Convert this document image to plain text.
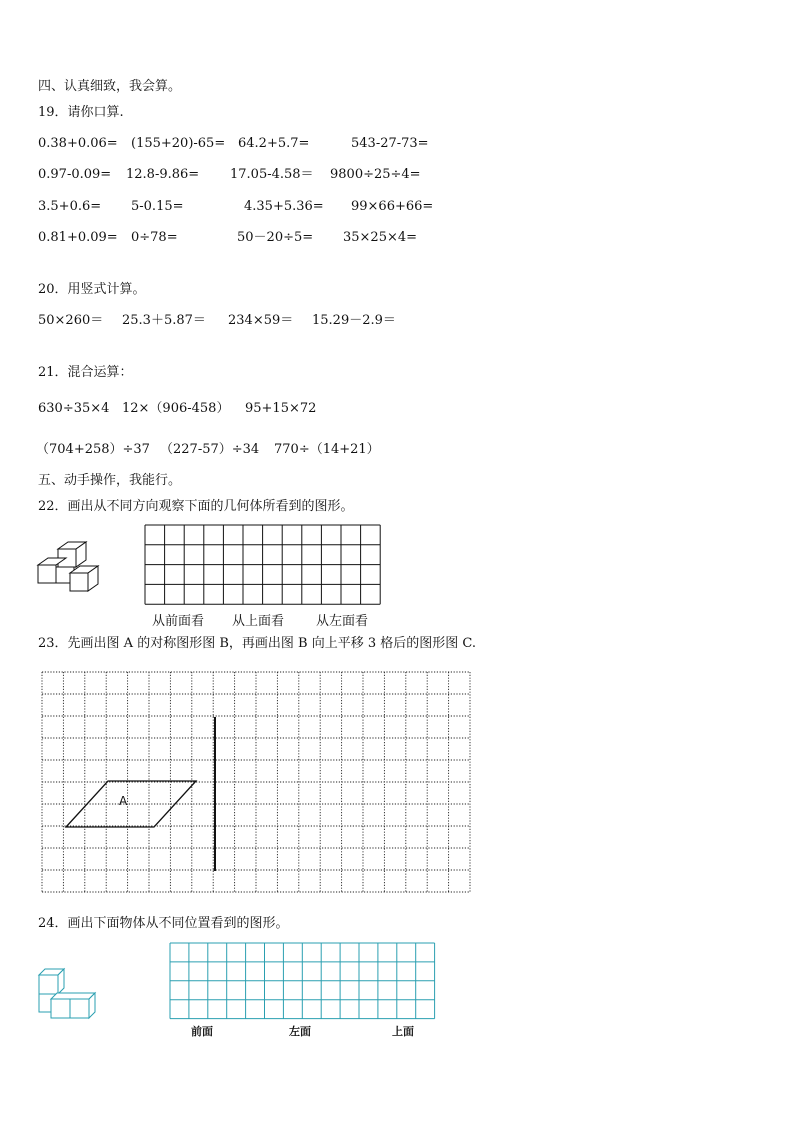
四、认真细致，我会算。
19．请你口算.
0.38+0.06= (155+20)-65= 64.2+5.7=	543-27-73=
0.97-0.09= 12.8-9.86= 17.05-4.58＝ 9800÷25÷4=
3.5+0.6= 5-0.15=	4.35+5.36= 99×66+66=
0.81+0.09= 0÷78=	50－20÷5= 35×25×4=
20．用竖式计算。
50×260＝ 25.3＋5.87＝ 234×59＝ 15.29－2.9＝
21．混合运算：
630÷35×4 12×（906-458） 95+15×72
（704+258）÷37 （227-57）÷34 770÷（14+21）
五、动手操作，我能行。
22．画出从不同方向观察下面的几何体所看到的图形。
从前面看 从上面看 从左面看
23．先画出图 A 的对称图形图 B，再画出图 B 向上平移 3 格后的图形图 C.
A
24．画出下面物体从不同位置看到的图形。
前面	左面	上面
